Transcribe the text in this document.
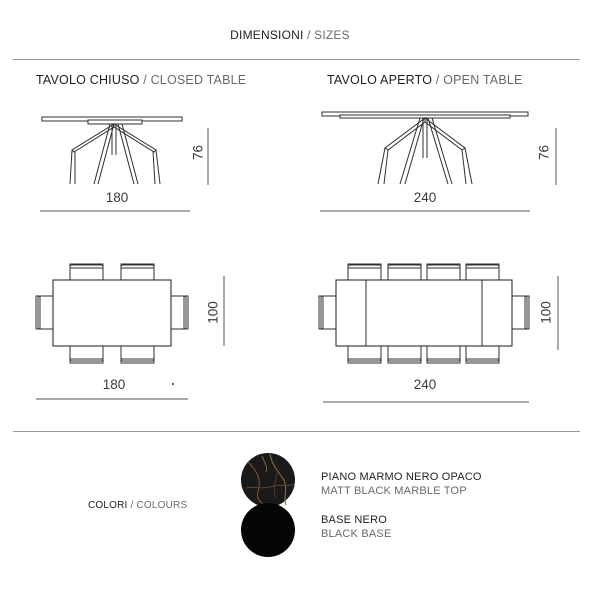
DIMENSIONI / SIZES
TAVOLO CHIUSO / CLOSED TABLE	TAVOLO APERTO / OPEN TABLE
180
76
240
76
180
100
240
100
COLORI / COLOURS
PIANO MARMO NERO OPACO
MATT BLACK MARBLE TOP
BASE NERO
BLACK BASE
